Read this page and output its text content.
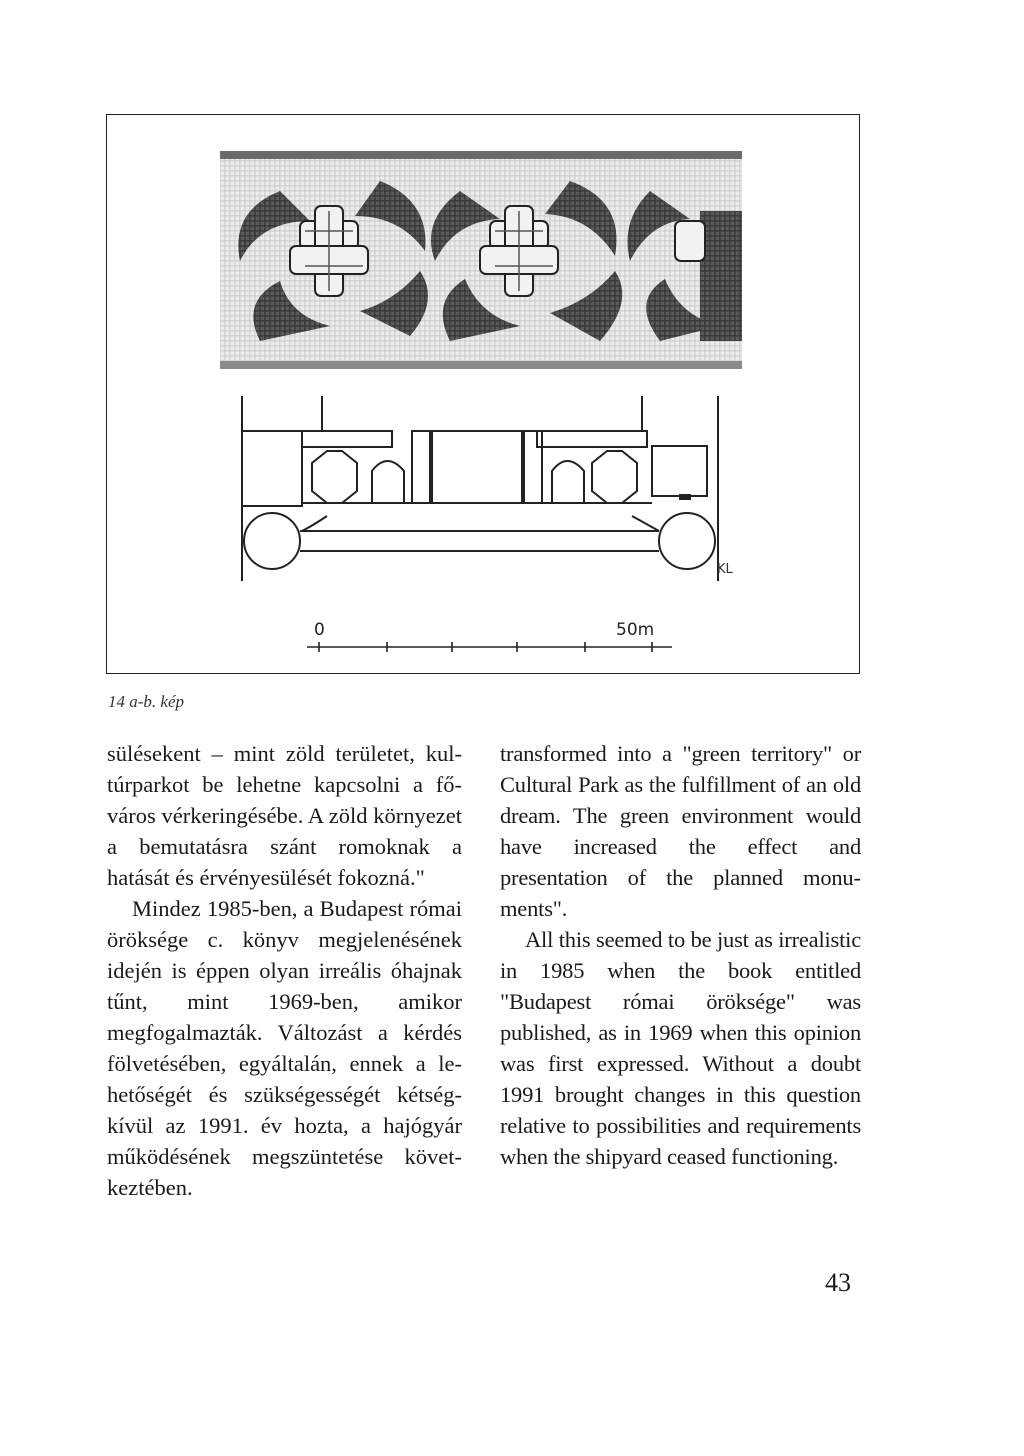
KL
0	50m
14 a-b. kép

sülésekent – mint zöld területet, kultúrparkot be lehetne kapcsolni a főváros vérkeringésébe. A zöld környezet a bemutatásra szánt romoknak a hatását és érvényesülését fokozná."

Mindez 1985-ben, a Budapest római öröksége c. könyv megjelenésének idején is éppen olyan irreális óhajnak tűnt, mint 1969-ben, amikor megfogalmazták. Változást a kérdés fölvetésében, egyáltalán, ennek a lehetőségét és szükségességét kétségkívül az 1991. év hozta, a hajógyár működésének megszüntetése következtében.

transformed into a "green territory" or Cultural Park as the fulfillment of an old dream. The green environment would have increased the effect and presentation of the planned monuments".

All this seemed to be just as irrealistic in 1985 when the book entitled "Budapest római öröksége" was published, as in 1969 when this opinion was first expressed. Without a doubt 1991 brought changes in this question relative to possibilities and requirements when the shipyard ceased functioning.

43
